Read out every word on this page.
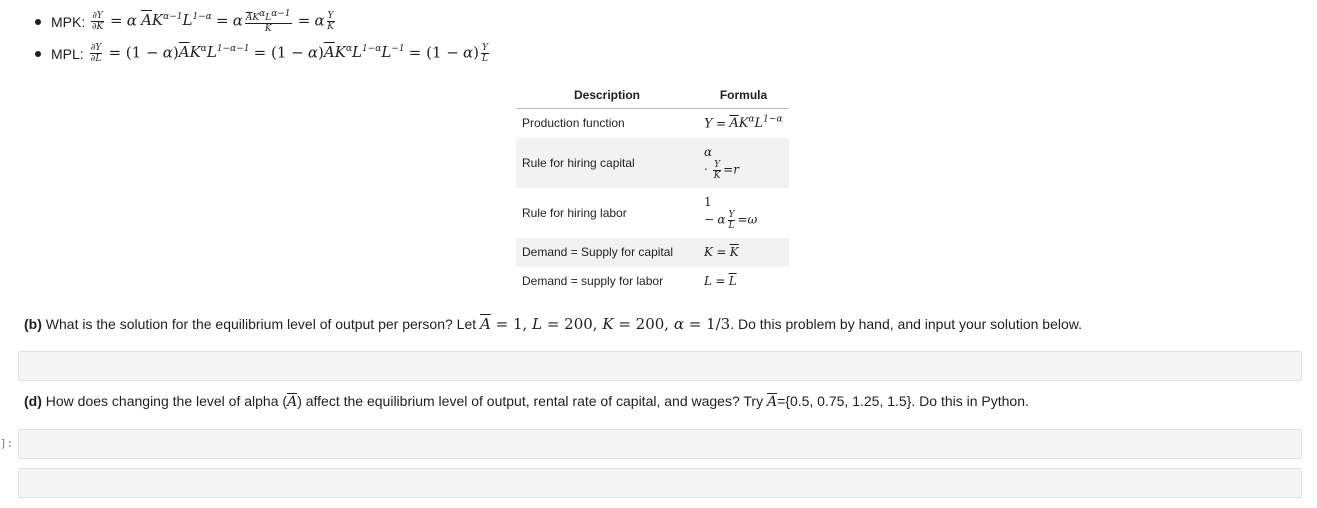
MPK: $\frac{\partial Y}{\partial K} = \alpha$ $\overline{A}K^{\alpha-1}L^{1-\alpha} = \alpha \frac{\overline{A}K^\alpha L^{\alpha-1}}{K} = \alpha \frac{Y}{K}$
MPL: $\frac{\partial Y}{\partial L} = (1 - \alpha)\overline{A}K^\alpha L^{1-\alpha-1} = (1 - \alpha)\overline{A}K^\alpha L^{1-\alpha}L^{-1} = (1 - \alpha) \frac{Y}{L}$
Description	Formula
Production function	$Y = \overline{A}K^\alpha L^{1-\alpha}$
Rule for hiring capital	α
· $\frac{Y}{K} =r$
Rule for hiring labor	1
− α $\frac{Y}{L} =\omega$
Demand = Supply for capital	$K = \overline{K}$
Demand = supply for labor	$L = \overline{L}$
(b) What is the solution for the equilibrium level of output per person? Let $\overline{A} = 1$, L = 200, K = 200, α = 1/3. Do this problem by hand, and input your solution below.
(d) How does changing the level of alpha $(\overline{A})$ affect the equilibrium level of output, rental rate of capital, and wages? Try $\overline{A}=\{0.5$, 0.75, 1.25, 1.5}. Do this in Python.
]:
